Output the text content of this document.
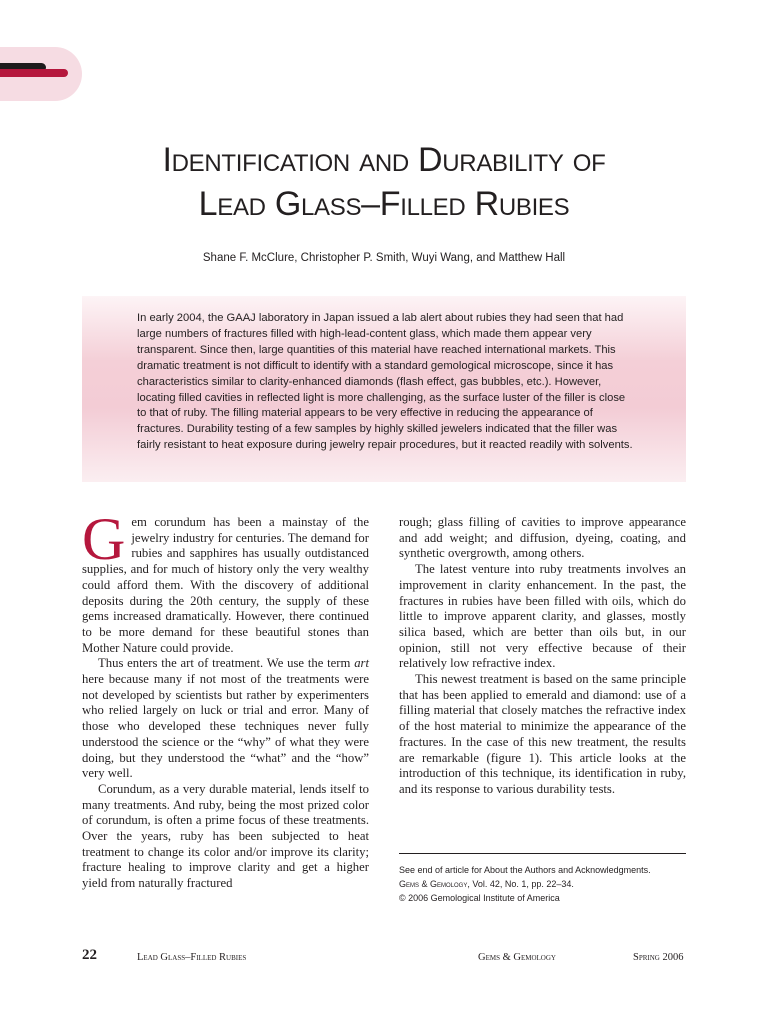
Identification and Durability of
Lead Glass–Filled Rubies
Shane F. McClure, Christopher P. Smith, Wuyi Wang, and Matthew Hall

In early 2004, the GAAJ laboratory in Japan issued a lab alert about rubies they had seen that had large numbers of fractures filled with high-lead-content glass, which made them appear very transparent. Since then, large quantities of this material have reached international markets. This dramatic treatment is not difficult to identify with a standard gemological microscope, since it has characteristics similar to clarity-enhanced diamonds (flash effect, gas bubbles, etc.). However, locating filled cavities in reflected light is more challenging, as the surface luster of the filler is close to that of ruby. The filling material appears to be very effective in reducing the appearance of fractures. Durability testing of a few samples by highly skilled jewelers indicated that the filler was fairly resistant to heat exposure during jewelry repair procedures, but it reacted readily with solvents.

Gem corundum has been a mainstay of the jewelry industry for centuries. The demand for rubies and sapphires has usually outdistanced supplies, and for much of history only the very wealthy could afford them. With the discovery of additional deposits during the 20th century, the supply of these gems increased dramatically. However, there continued to be more demand for these beautiful stones than Mother Nature could provide.

Thus enters the art of treatment. We use the term art here because many if not most of the treatments were not developed by scientists but rather by experimenters who relied largely on luck or trial and error. Many of those who developed these techniques never fully understood the science or the “why” of what they were doing, but they understood the “what” and the “how” very well.

Corundum, as a very durable material, lends itself to many treatments. And ruby, being the most prized color of corundum, is often a prime focus of these treatments. Over the years, ruby has been subjected to heat treatment to change its color and/or improve its clarity; fracture healing to improve clarity and get a higher yield from naturally fractured

rough; glass filling of cavities to improve appearance and add weight; and diffusion, dyeing, coating, and synthetic overgrowth, among others.

The latest venture into ruby treatments involves an improvement in clarity enhancement. In the past, the fractures in rubies have been filled with oils, which do little to improve apparent clarity, and glasses, mostly silica based, which are better than oils but, in our opinion, still not very effective because of their relatively low refractive index.

This newest treatment is based on the same principle that has been applied to emerald and diamond: use of a filling material that closely matches the refractive index of the host material to minimize the appearance of the fractures. In the case of this new treatment, the results are remarkable (figure 1). This article looks at the introduction of this technique, its identification in ruby, and its response to various durability tests.

See end of article for About the Authors and Acknowledgments.
Gems & Gemology, Vol. 42, No. 1, pp. 22–34.
© 2006 Gemological Institute of America
22	Lead Glass–Filled Rubies	Gems & Gemology	Spring 2006
